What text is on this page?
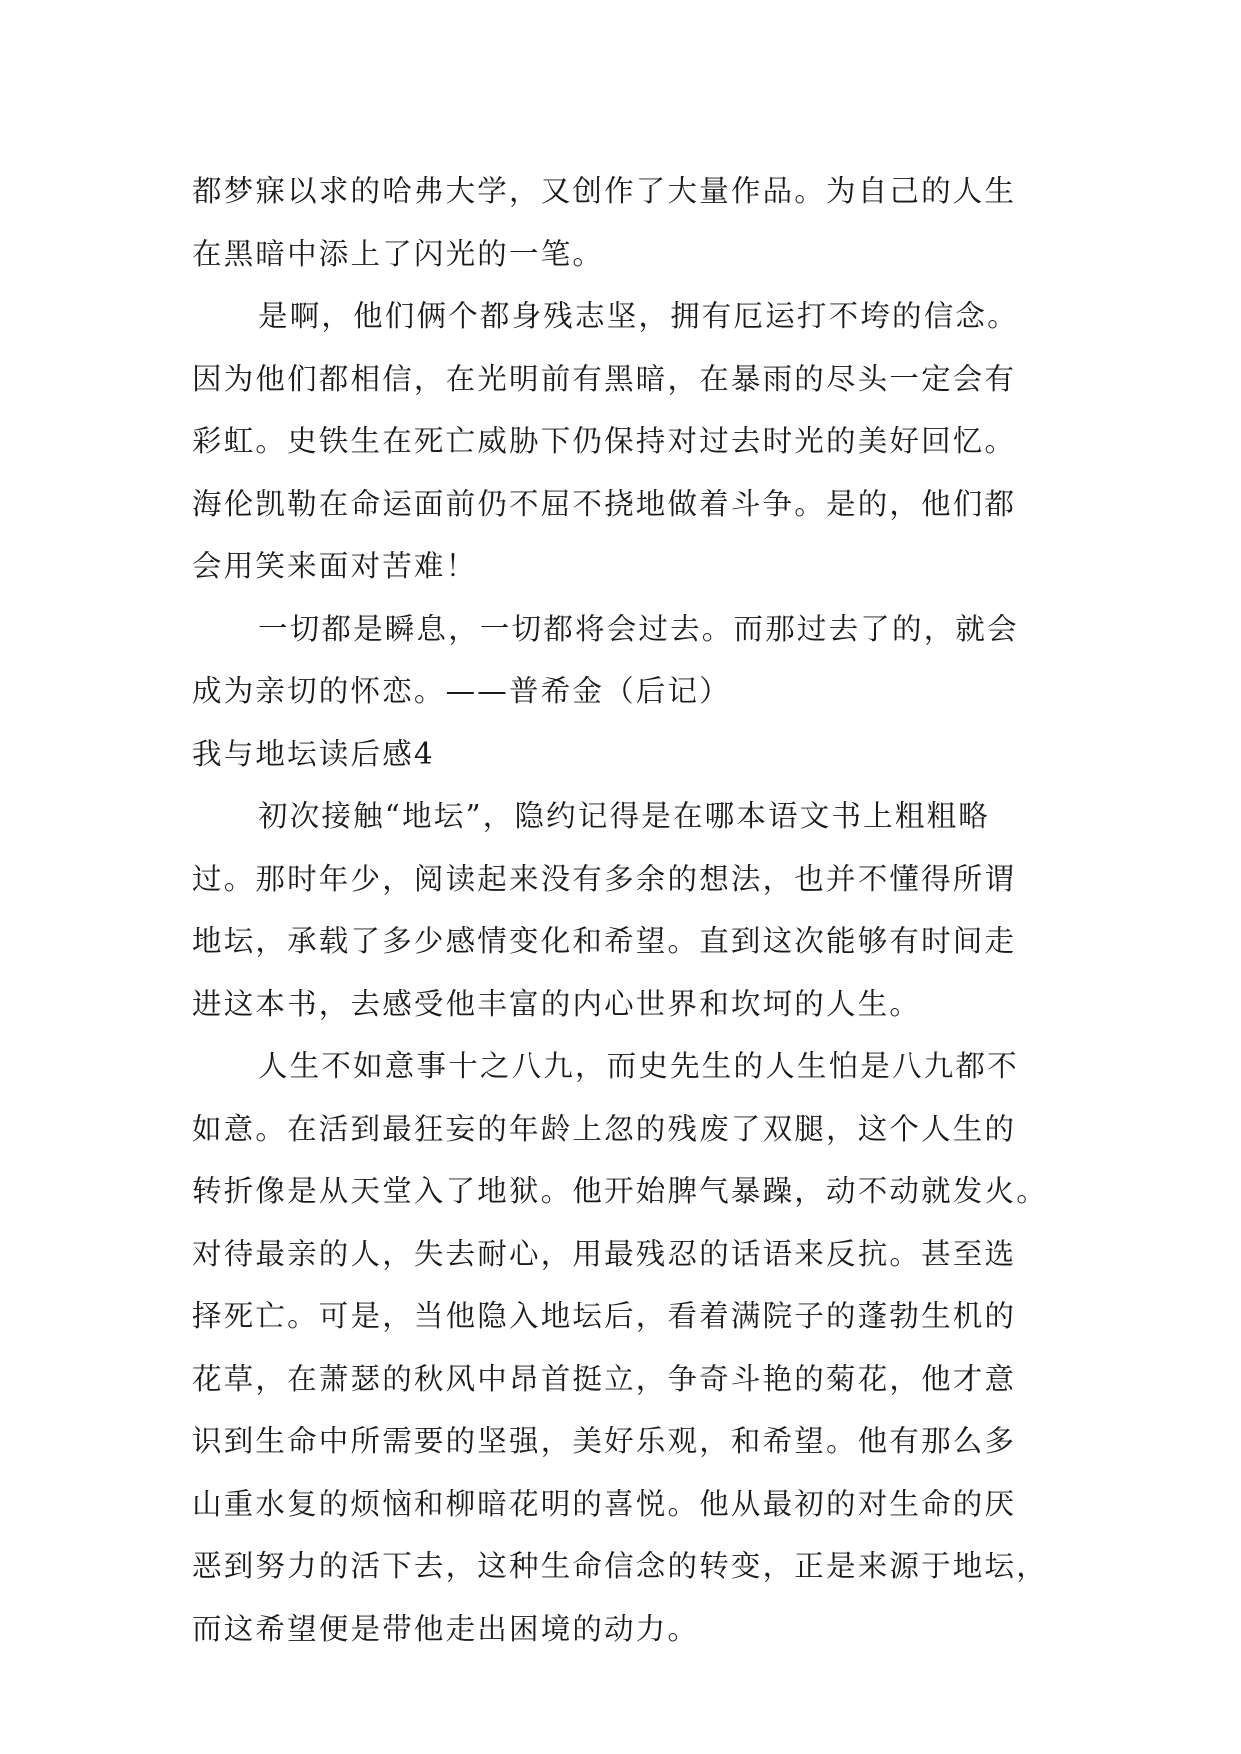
都梦寐以求的哈弗大学，又创作了大量作品。为自己的人生
在黑暗中添上了闪光的一笔。
是啊，他们俩个都身残志坚，拥有厄运打不垮的信念。
因为他们都相信，在光明前有黑暗，在暴雨的尽头一定会有
彩虹。史铁生在死亡威胁下仍保持对过去时光的美好回忆。
海伦凯勒在命运面前仍不屈不挠地做着斗争。是的，他们都
会用笑来面对苦难！
一切都是瞬息，一切都将会过去。而那过去了的，就会
成为亲切的怀恋。——普希金（后记）
我与地坛读后感4
初次接触“地坛”，隐约记得是在哪本语文书上粗粗略
过。那时年少，阅读起来没有多余的想法，也并不懂得所谓
地坛，承载了多少感情变化和希望。直到这次能够有时间走
进这本书，去感受他丰富的内心世界和坎坷的人生。
人生不如意事十之八九，而史先生的人生怕是八九都不
如意。在活到最狂妄的年龄上忽的残废了双腿，这个人生的
转折像是从天堂入了地狱。他开始脾气暴躁，动不动就发火。
对待最亲的人，失去耐心，用最残忍的话语来反抗。甚至选
择死亡。可是，当他隐入地坛后，看着满院子的蓬勃生机的
花草，在萧瑟的秋风中昂首挺立，争奇斗艳的菊花，他才意
识到生命中所需要的坚强，美好乐观，和希望。他有那么多
山重水复的烦恼和柳暗花明的喜悦。他从最初的对生命的厌
恶到努力的活下去，这种生命信念的转变，正是来源于地坛，
而这希望便是带他走出困境的动力。
